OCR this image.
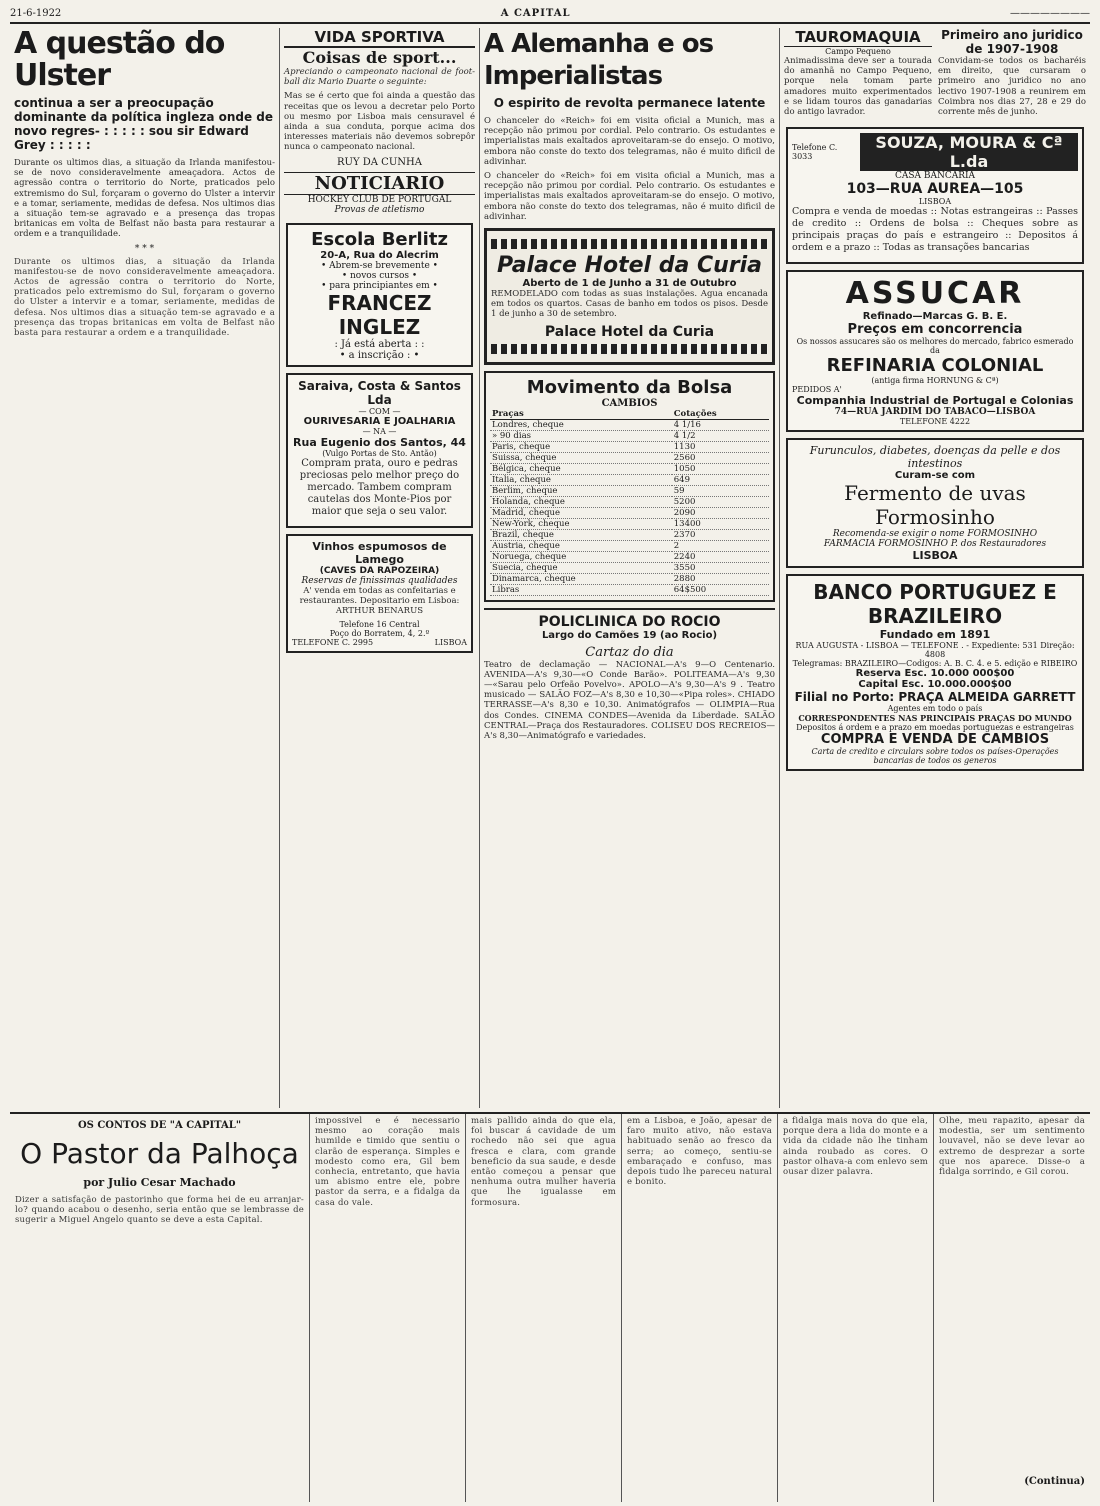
21-6-1922	A CAPITAL	————————
A questão do Ulster

continua a ser a preocupação dominante da política ingleza onde de novo regres- : : : : : sou sir Edward Grey : : : : :

Durante os ultimos dias, a situação da Irlanda manifestou-se de novo consideravelmente ameaçadora. Actos de agressão contra o territorio do Norte, praticados pelo extremismo do Sul, forçaram o governo do Ulster a intervir e a tomar, seriamente, medidas de defesa. Nos ultimos dias a situação tem-se agravado e a presença das tropas britanicas em volta de Belfast não basta para restaurar a ordem e a tranquilidade.

* * *
Durante os ultimos dias, a situação da Irlanda manifestou-se de novo consideravelmente ameaçadora. Actos de agressão contra o territorio do Norte, praticados pelo extremismo do Sul, forçaram o governo do Ulster a intervir e a tomar, seriamente, medidas de defesa. Nos ultimos dias a situação tem-se agravado e a presença das tropas britanicas em volta de Belfast não basta para restaurar a ordem e a tranquilidade.
VIDA SPORTIVA
Coisas de sport...

Apreciando o campeonato nacional de foot-ball diz Mario Duarte o seguinte:

Mas se é certo que foi ainda a questão das receitas que os levou a decretar pelo Porto ou mesmo por Lisboa mais censuravel é ainda a sua conduta, porque acima dos interesses materiais não devemos sobrepôr nunca o campeonato nacional.

RUY DA CUNHA
NOTICIARIO
HOCKEY CLUB DE PORTUGAL
Provas de atletismo
Escola Berlitz
20-A, Rua do Alecrim
• Abrem-se brevemente •
• novos cursos •
• para principiantes em •
FRANCEZ
INGLEZ
: Já está aberta : :
• a inscrição : •
Saraiva, Costa & Santos Lda
— COM —
OURIVESARIA E JOALHARIA
— NA —
Rua Eugenio dos Santos, 44
(Vulgo Portas de Sto. Antão)

Compram prata, ouro e pedras preciosas pelo melhor preço do mercado. Tambem compram cautelas dos Monte-Pios por maior que seja o seu valor.

Vinhos espumosos de Lamego
(CAVES DA RAPOZEIRA)
Reservas de finissimas qualidades

A' venda em todas as confeitarias e restaurantes. Depositario em Lisboa: ARTHUR BENARUS

Telefone 16 Central
Poço do Borratem, 4, 2.º
TELEFONE C. 2995	LISBOA
A Alemanha e os Imperialistas

O espirito de revolta permanece latente

O chanceler do «Reich» foi em visita oficial a Munich, mas a recepção não primou por cordial. Pelo contrario. Os estudantes e imperialistas mais exaltados aproveitaram-se do ensejo. O motivo, embora não conste do texto dos telegramas, não é muito dificil de adivinhar.

O chanceler do «Reich» foi em visita oficial a Munich, mas a recepção não primou por cordial. Pelo contrario. Os estudantes e imperialistas mais exaltados aproveitaram-se do ensejo. O motivo, embora não conste do texto dos telegramas, não é muito dificil de adivinhar.

Palace Hotel da Curia
Aberto de 1 de Junho a 31 de Outubro

REMODELADO com todas as suas instalações. Agua encanada em todos os quartos. Casas de banho em todos os pisos. Desde 1 de junho a 30 de setembro.

Palace Hotel da Curia
Movimento da Bolsa
CAMBIOS
Praças	Cotações
Londres, cheque	4 1/16
» 90 dias	4 1/2
Paris, cheque	1130
Suissa, cheque	2560
Bélgica, cheque	1050
Italia, cheque	649
Berlim, cheque	59
Holanda, cheque	5200
Madrid, cheque	2090
New-York, cheque	13400
Brazil, cheque	2370
Austria, cheque	2
Noruega, cheque	2240
Suecia, cheque	3550
Dinamarca, cheque	2880
Libras	64$500
POLICLINICA DO ROCIO
Largo do Camões 19 (ao Rocio)
Cartaz do dia

Teatro de declamação — NACIONAL—A's 9—O Centenario. AVENIDA—A's 9,30—«O Conde Barão». POLITEAMA—A's 9,30 —«Sarau pelo Orfeão Povelvo». APOLO—A's 9,30—A's 9 . Teatro musicado — SALÃO FOZ—A's 8,30 e 10,30—«Pipa roles». CHIADO TERRASSE—A's 8,30 e 10,30. Animatógrafos — OLIMPIA—Rua dos Condes. CINEMA CONDES—Avenida da Liberdade. SALÃO CENTRAL—Praça dos Restauradores. COLISEU DOS RECREIOS—A's 8,30—Animatógrafo e variedades.

TAUROMAQUIA
Campo Pequeno

Animadissima deve ser a tourada do amanhã no Campo Pequeno, porque nela tomam parte amadores muito experimentados e se lidam touros das ganadarias do antigo lavrador.

Primeiro ano juridico de 1907-1908

Convidam-se todos os bacharéis em direito, que cursaram o primeiro ano juridico no ano lectivo 1907-1908 a reunirem em Coimbra nos dias 27, 28 e 29 do corrente mês de junho.

Telefone C. 3033
SOUZA, MOURA & Cª L.da
CASA BANCARIA
103—RUA AUREA—105
LISBOA

Compra e venda de moedas :: Notas estrangeiras :: Passes de credito :: Ordens de bolsa :: Cheques sobre as principais praças do país e estrangeiro :: Depositos á ordem e a prazo :: Todas as transações bancarias

ASSUCAR
Refinado—Marcas G. B. E.
Preços em concorrencia
Os nossos assucares são os melhores do mercado, fabrico esmerado da
REFINARIA COLONIAL
(antiga firma HORNUNG & Cª)
PEDIDOS A'
Companhia Industrial de Portugal e Colonias
74—RUA JARDIM DO TABACO—LISBOA
TELEFONE 4222
Furunculos, diabetes, doenças da pelle e dos intestinos
Curam-se com
Fermento de uvas Formosinho
Recomenda-se exigir o nome FORMOSINHO
FARMACIA FORMOSINHO P. dos Restauradores
LISBOA
BANCO PORTUGUEZ E BRAZILEIRO
Fundado em 1891
RUA AUGUSTA - LISBOA — TELEFONE . - Expediente: 531 Direção: 4808
Telegramas: BRAZILEIRO—Codigos: A. B. C. 4. e 5. edição e RIBEIRO
Reserva Esc. 10.000 000$00
Capital Esc. 10.000.000$00
Filial no Porto: PRAÇA ALMEIDA GARRETT
Agentes em todo o país
CORRESPONDENTES NAS PRINCIPAIS PRAÇAS DO MUNDO
Depositos á ordem e a prazo em moedas portuguezas e estrangeiras
COMPRA E VENDA DE CAMBIOS
Carta de credito e circulars sobre todos os países-Operações bancarias de todos os generos
OS CONTOS DE "A CAPITAL"
O Pastor da Palhoça
por Julio Cesar Machado
Dizer a satisfação de pastorinho que forma hei de eu arranjar-lo? quando acabou o desenho, seria então que se lembrasse de sugerir a Miguel Angelo quanto se deve a esta Capital.
impossivel e é necessario mesmo ao coração mais humilde e timido que sentiu o clarão de esperança. Simples e modesto como era, Gil bem conhecia, entretanto, que havia um abismo entre ele, pobre pastor da serra, e a fidalga da casa do vale.
mais pallido ainda do que ela, foi buscar á cavidade de um rochedo não sei que agua fresca e clara, com grande beneficio da sua saude, e desde então começou a pensar que nenhuma outra mulher haveria que lhe igualasse em formosura.
em a Lisboa, e João, apesar de faro muito ativo, não estava habituado senão ao fresco da serra; ao começo, sentiu-se embaraçado e confuso, mas depois tudo lhe pareceu natural e bonito.
a fidalga mais nova do que ela, porque dera a lida do monte e a vida da cidade não lhe tinham ainda roubado as cores. O pastor olhava-a com enlevo sem ousar dizer palavra.
Olhe, meu rapazito, apesar da modestia, ser um sentimento louvavel, não se deve levar ao extremo de desprezar a sorte que nos aparece. Disse-o a fidalga sorrindo, e Gil corou.
(Continua)
